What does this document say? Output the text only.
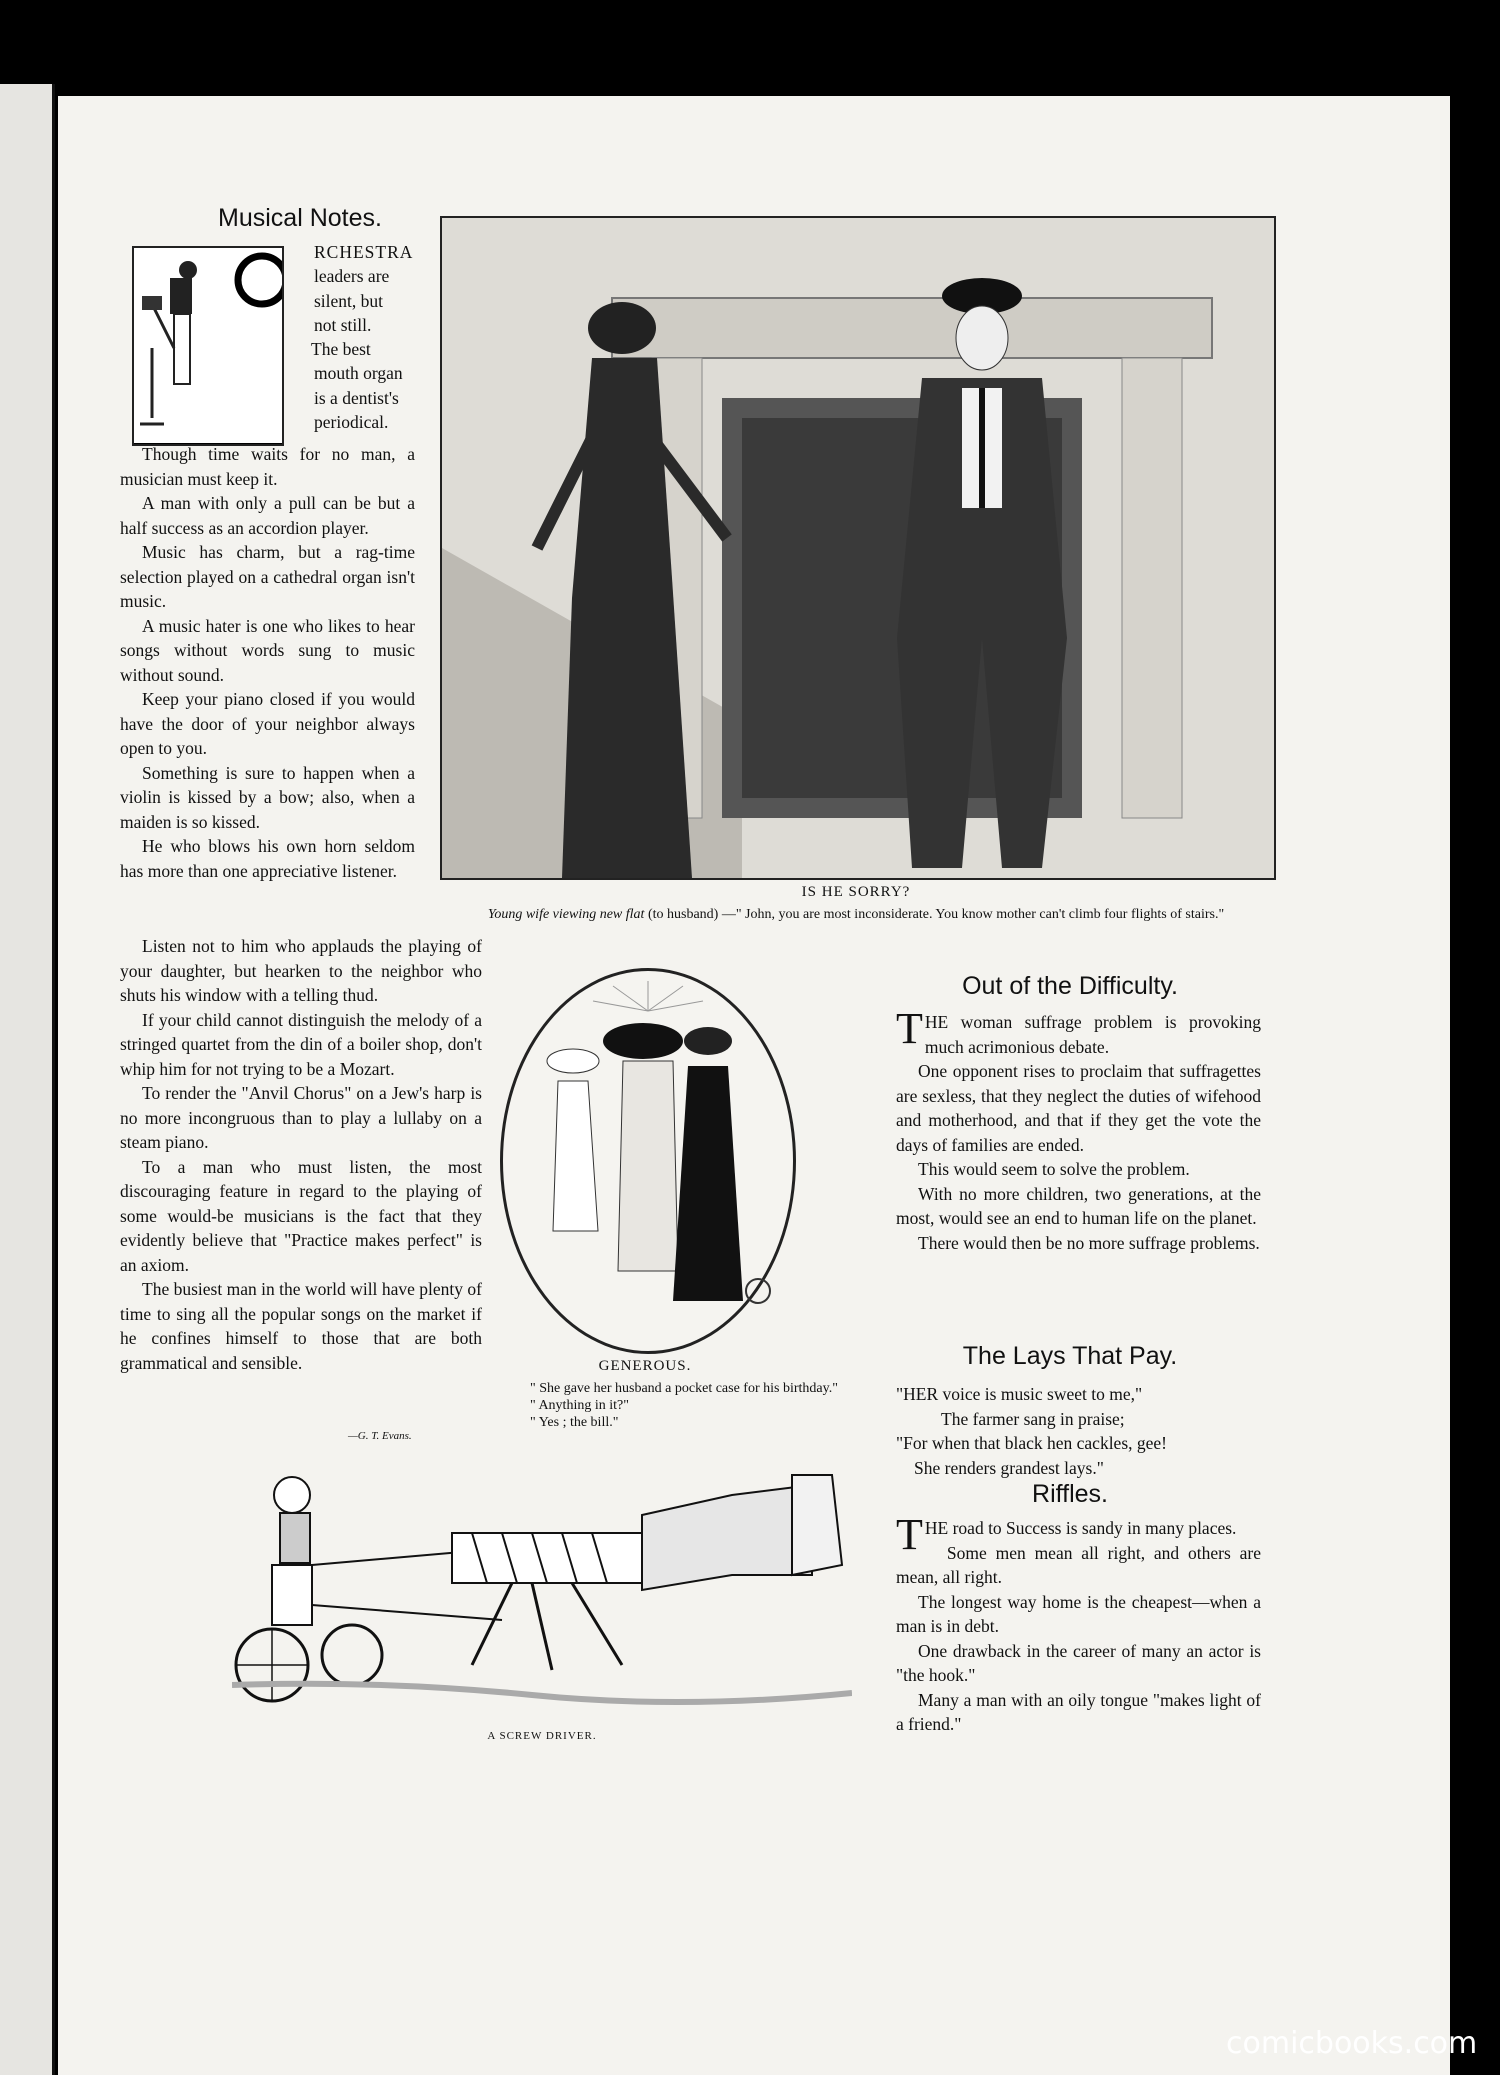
Musical Notes.
RCHESTRA
leaders are
silent, but
not still.
The best
mouth organ
is a dentist's
periodical.

Though time waits for no man, a musician must keep it.

A man with only a pull can be but a half success as an accordion player.

Music has charm, but a rag-time selection played on a cathedral organ isn't music.

A music hater is one who likes to hear songs without words sung to music without sound.

Keep your piano closed if you would have the door of your neighbor always open to you.

Something is sure to happen when a violin is kissed by a bow; also, when a maiden is so kissed.

He who blows his own horn seldom has more than one appreciative listener.

Listen not to him who applauds the playing of your daughter, but hearken to the neighbor who shuts his window with a telling thud.

If your child cannot distinguish the melody of a stringed quartet from the din of a boiler shop, don't whip him for not trying to be a Mozart.

To render the "Anvil Chorus" on a Jew's harp is no more incongruous than to play a lullaby on a steam piano.

To a man who must listen, the most discouraging feature in regard to the playing of some would-be musicians is the fact that they evidently believe that "Practice makes perfect" is an axiom.

The busiest man in the world will have plenty of time to sing all the popular songs on the market if he confines himself to those that are both grammatical and sensible.

—G. T. Evans.
IS HE SORRY?
Young wife viewing new flat (to husband) —" John, you are most inconsiderate. You know mother can't climb four flights of stairs."
GENEROUS.
" She gave her husband a pocket case for his birthday."
" Anything in it?"
" Yes ; the bill."
A SCREW DRIVER.
Out of the Difficulty.

THE woman suffrage problem is provoking much acrimonious debate.

One opponent rises to proclaim that suffragettes are sexless, that they neglect the duties of wifehood and motherhood, and that if they get the vote the days of families are ended.

This would seem to solve the problem.

With no more children, two generations, at the most, would see an end to human life on the planet.

There would then be no more suffrage problems.

The Lays That Pay.
"HER voice is music sweet to me,"
The farmer sang in praise;
"For when that black hen cackles, gee!
She renders grandest lays."
Riffles.

THE road to Success is sandy in many places.

Some men mean all right, and others are mean, all right.

The longest way home is the cheapest—when a man is in debt.

One drawback in the career of many an actor is "the hook."

Many a man with an oily tongue "makes light of a friend."

comicbooks.com
